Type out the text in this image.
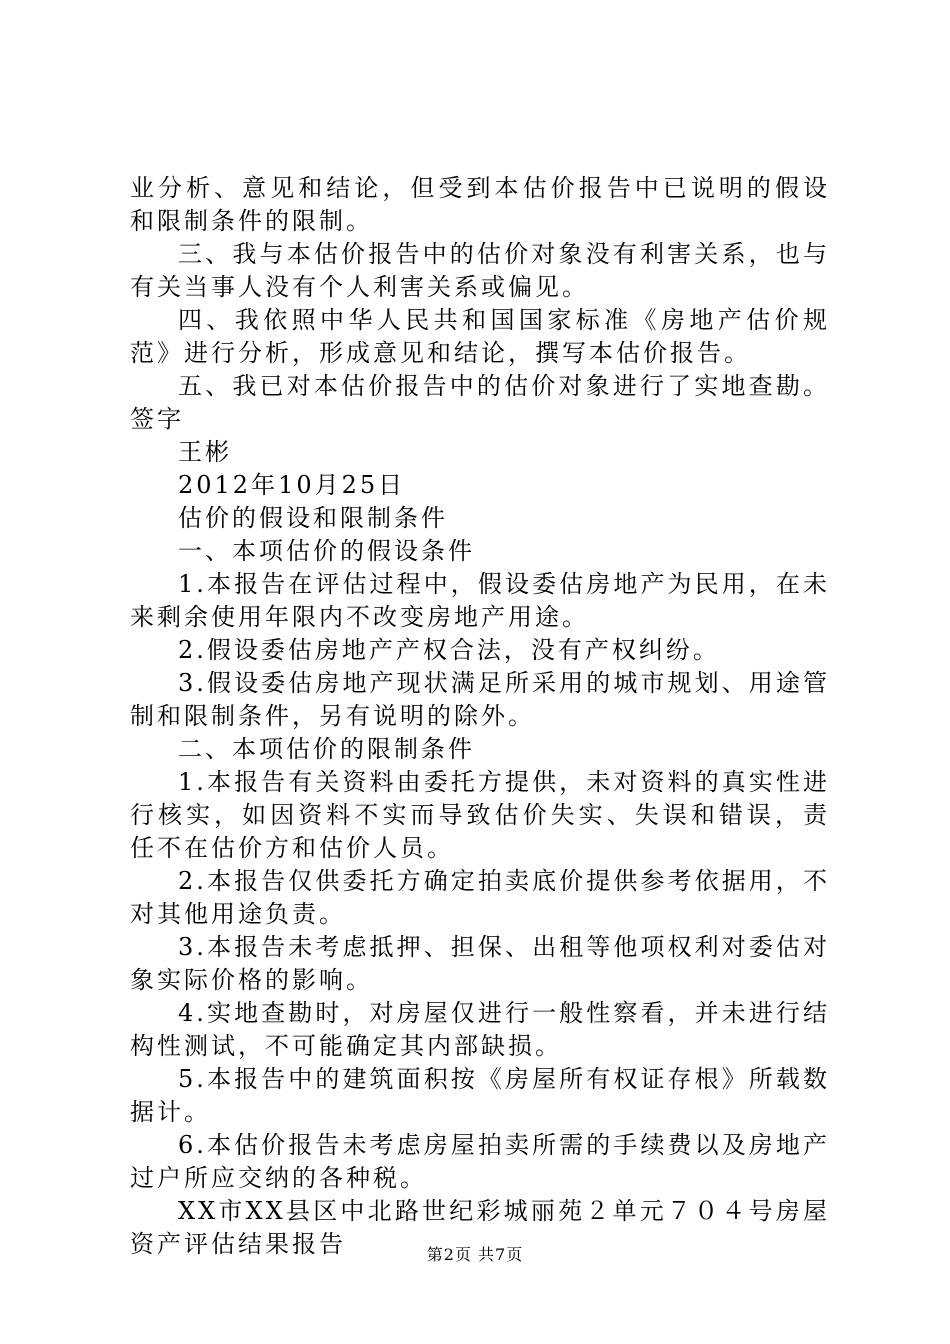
业分析、意见和结论，但受到本估价报告中已说明的假设和限制条件的限制。

三、我与本估价报告中的估价对象没有利害关系，也与有关当事人没有个人利害关系或偏见。

四、我依照中华人民共和国国家标准《房地产估价规范》进行分析，形成意见和结论，撰写本估价报告。

五、我已对本估价报告中的估价对象进行了实地查勘。签字

王彬

2012年10月25日

估价的假设和限制条件

一、本项估价的假设条件

1.本报告在评估过程中，假设委估房地产为民用，在未来剩余使用年限内不改变房地产用途。

2.假设委估房地产产权合法，没有产权纠纷。

3.假设委估房地产现状满足所采用的城市规划、用途管制和限制条件，另有说明的除外。

二、本项估价的限制条件

1.本报告有关资料由委托方提供，未对资料的真实性进行核实，如因资料不实而导致估价失实、失误和错误，责任不在估价方和估价人员。

2.本报告仅供委托方确定拍卖底价提供参考依据用，不对其他用途负责。

3.本报告未考虑抵押、担保、出租等他项权利对委估对象实际价格的影响。

4.实地查勘时，对房屋仅进行一般性察看，并未进行结构性测试，不可能确定其内部缺损。

5.本报告中的建筑面积按《房屋所有权证存根》所载数据计。

6.本估价报告未考虑房屋拍卖所需的手续费以及房地产过户所应交纳的各种税。

XX市XX县区中北路世纪彩城丽苑２单元７０４号房屋资产评估结果报告	第2页 共7页
